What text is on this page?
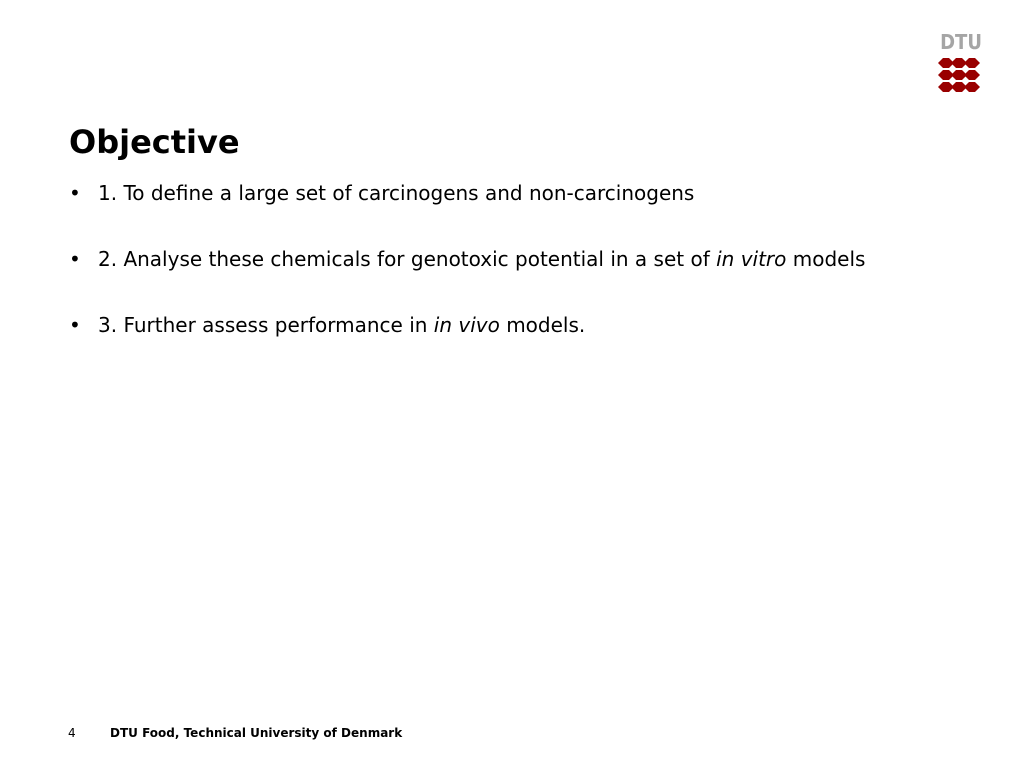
DTU
Objective
• 1. To define a large set of carcinogens and non-carcinogens
• 2. Analyse these chemicals for genotoxic potential in a set of in vitro models
• 3. Further assess performance in in vivo models.
4	DTU Food, Technical University of Denmark
